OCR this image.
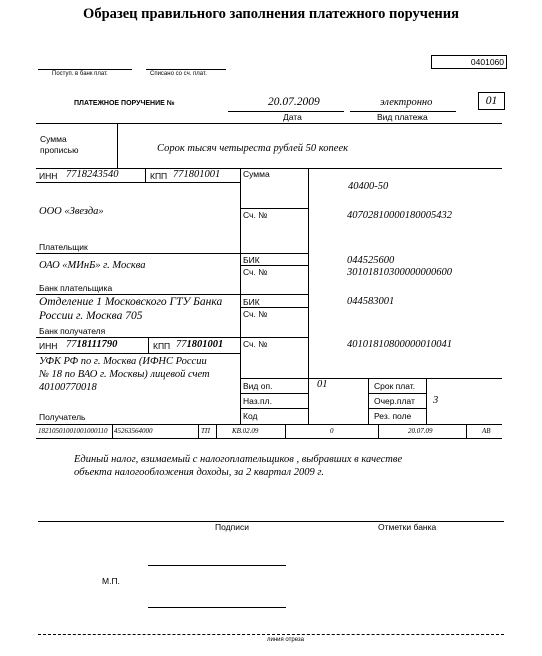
Образец правильного заполнения платежного поручения
0401060
Поступ. в банк плат.	Списано со сч. плат.
ПЛАТЕЖНОЕ ПОРУЧЕНИЕ №	20.07.2009
Дата
электронно
Вид платежа
01
Сумма
прописью	Сорок тысяч четыреста рублей 50 копеек
ИНН 7718243540	КПП 771801001
ООО «Звезда»
Плательщик
Сумма
40400-50
Сч. №	40702810000180005432
ОАО «МИнБ» г. Москва
Банк плательщика
БИК	044525600
Сч. №	30101810300000000600
Отделение 1 Московского ГТУ Банка
России г. Москва 705
Банк получателя
БИК	044583001
Сч. №
ИНН 7718111790	КПП 771801001 Сч. №	40101810800000010041
УФК РФ по г. Москва (ИФНС России
№ 18 по ВАО г. Москвы) лицевой счет
40100770018
Получатель
Вид оп.	01
Наз.пл.
Код
Срок плат.
Очер.плат 3
Рез. поле
18210501001001000110 45263564000	ТП	КВ.02.09	0	20.07.09	АВ
Единый налог, взимаемый с налогоплательщиков , выбравших в качестве
объекта налогообложения доходы, за 2 квартал 2009 г.
Подписи	Отметки банка
М.П.
линия отреза
